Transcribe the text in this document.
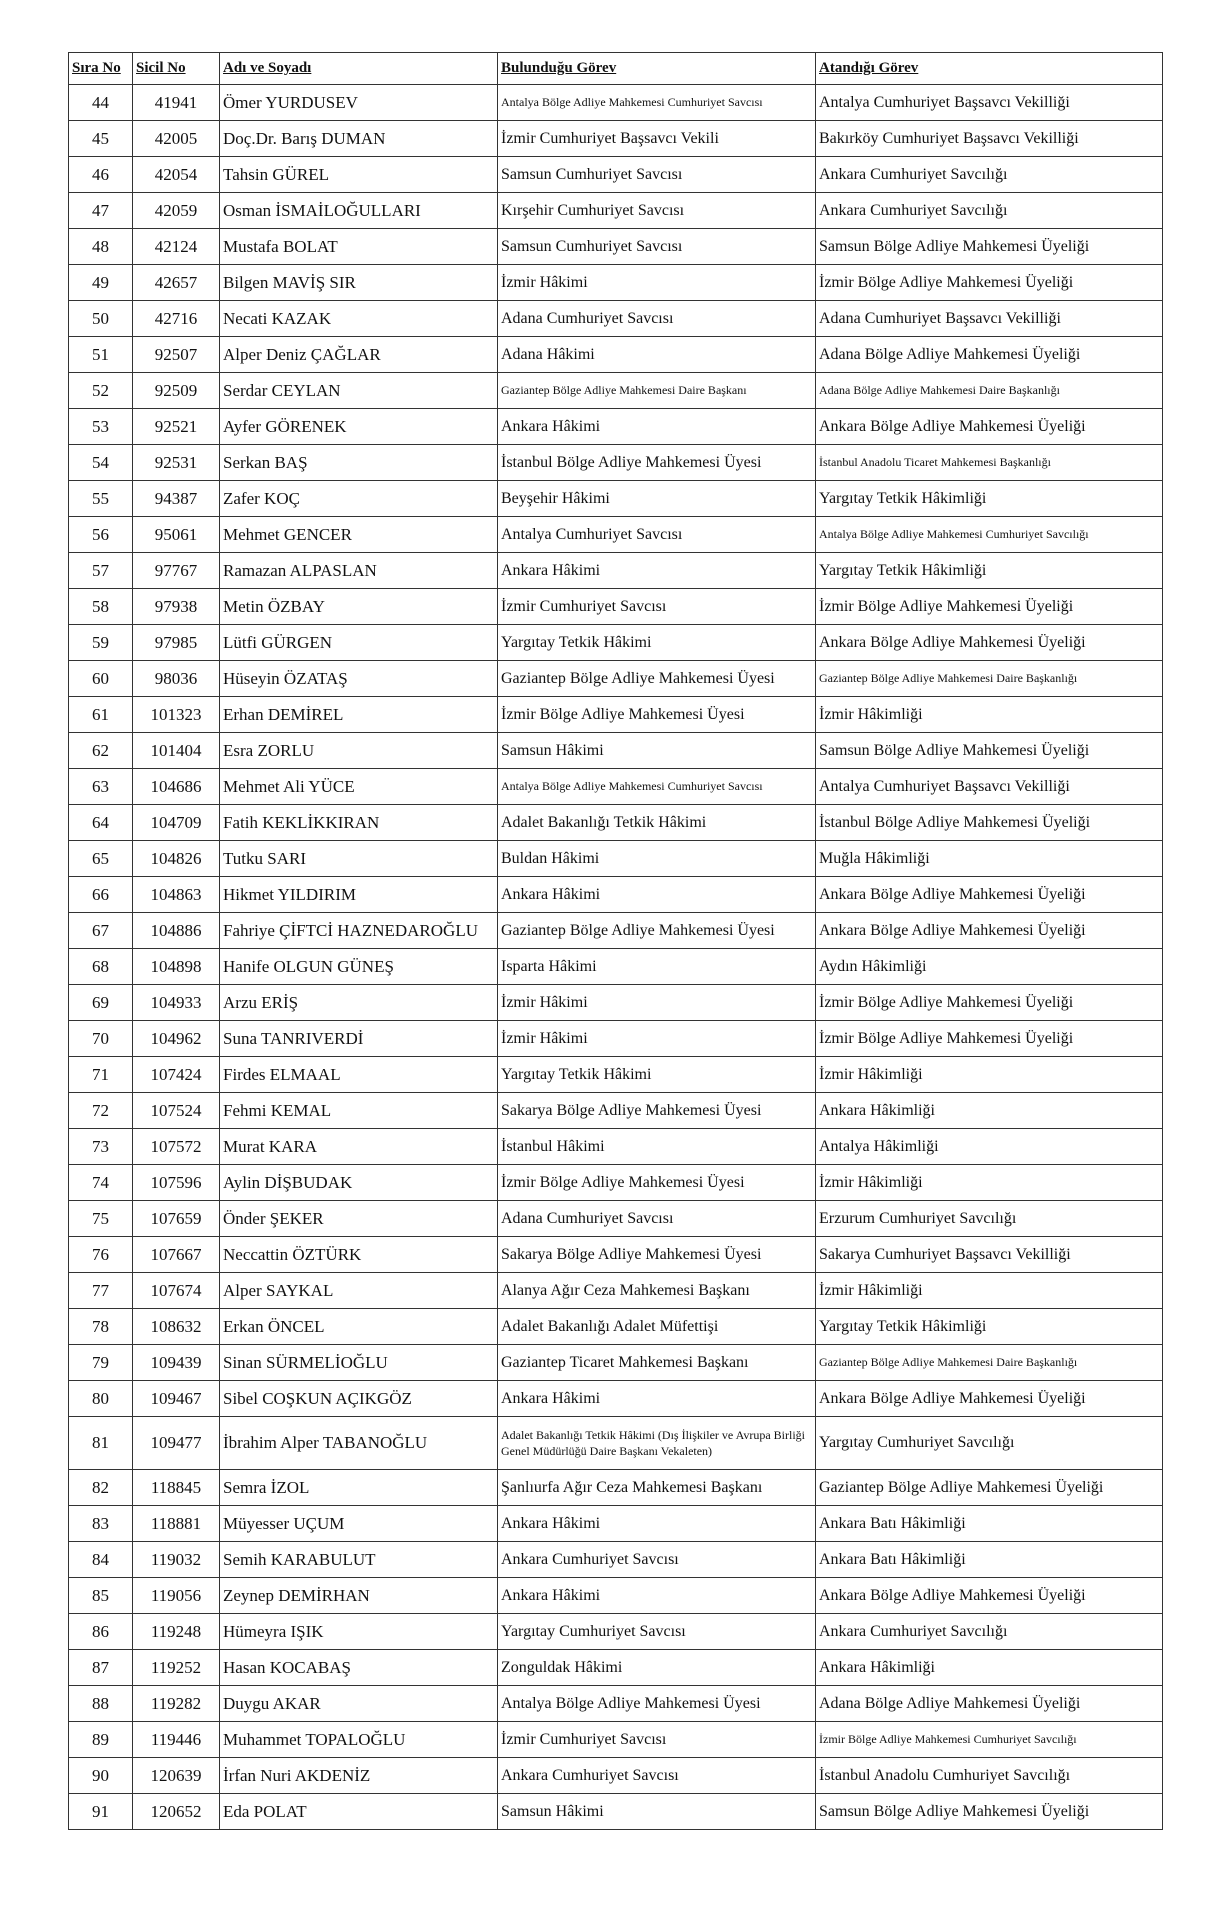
Sıra No	Sicil No	Adı ve Soyadı	Bulunduğu Görev	Atandığı Görev
44	41941	Ömer YURDUSEV	Antalya Bölge Adliye Mahkemesi Cumhuriyet Savcısı	Antalya Cumhuriyet Başsavcı Vekilliği
45	42005	Doç.Dr. Barış DUMAN	İzmir Cumhuriyet Başsavcı Vekili	Bakırköy Cumhuriyet Başsavcı Vekilliği
46	42054	Tahsin GÜREL	Samsun Cumhuriyet Savcısı	Ankara Cumhuriyet Savcılığı
47	42059	Osman İSMAİLOĞULLARI	Kırşehir Cumhuriyet Savcısı	Ankara Cumhuriyet Savcılığı
48	42124	Mustafa BOLAT	Samsun Cumhuriyet Savcısı	Samsun Bölge Adliye Mahkemesi Üyeliği
49	42657	Bilgen MAVİŞ SIR	İzmir Hâkimi	İzmir Bölge Adliye Mahkemesi Üyeliği
50	42716	Necati KAZAK	Adana Cumhuriyet Savcısı	Adana Cumhuriyet Başsavcı Vekilliği
51	92507	Alper Deniz ÇAĞLAR	Adana Hâkimi	Adana Bölge Adliye Mahkemesi Üyeliği
52	92509	Serdar CEYLAN	Gaziantep Bölge Adliye Mahkemesi Daire Başkanı	Adana Bölge Adliye Mahkemesi Daire Başkanlığı
53	92521	Ayfer GÖRENEK	Ankara Hâkimi	Ankara Bölge Adliye Mahkemesi Üyeliği
54	92531	Serkan BAŞ	İstanbul Bölge Adliye Mahkemesi Üyesi	İstanbul Anadolu Ticaret Mahkemesi Başkanlığı
55	94387	Zafer KOÇ	Beyşehir Hâkimi	Yargıtay Tetkik Hâkimliği
56	95061	Mehmet GENCER	Antalya Cumhuriyet Savcısı	Antalya Bölge Adliye Mahkemesi Cumhuriyet Savcılığı
57	97767	Ramazan ALPASLAN	Ankara Hâkimi	Yargıtay Tetkik Hâkimliği
58	97938	Metin ÖZBAY	İzmir Cumhuriyet Savcısı	İzmir Bölge Adliye Mahkemesi Üyeliği
59	97985	Lütfi GÜRGEN	Yargıtay Tetkik Hâkimi	Ankara Bölge Adliye Mahkemesi Üyeliği
60	98036	Hüseyin ÖZATAŞ	Gaziantep Bölge Adliye Mahkemesi Üyesi	Gaziantep Bölge Adliye Mahkemesi Daire Başkanlığı
61	101323	Erhan DEMİREL	İzmir Bölge Adliye Mahkemesi Üyesi	İzmir Hâkimliği
62	101404	Esra ZORLU	Samsun Hâkimi	Samsun Bölge Adliye Mahkemesi Üyeliği
63	104686	Mehmet Ali YÜCE	Antalya Bölge Adliye Mahkemesi Cumhuriyet Savcısı	Antalya Cumhuriyet Başsavcı Vekilliği
64	104709	Fatih KEKLİKKIRAN	Adalet Bakanlığı Tetkik Hâkimi	İstanbul Bölge Adliye Mahkemesi Üyeliği
65	104826	Tutku SARI	Buldan Hâkimi	Muğla Hâkimliği
66	104863	Hikmet YILDIRIM	Ankara Hâkimi	Ankara Bölge Adliye Mahkemesi Üyeliği
67	104886	Fahriye ÇİFTCİ HAZNEDAROĞLU	Gaziantep Bölge Adliye Mahkemesi Üyesi	Ankara Bölge Adliye Mahkemesi Üyeliği
68	104898	Hanife OLGUN GÜNEŞ	Isparta Hâkimi	Aydın Hâkimliği
69	104933	Arzu ERİŞ	İzmir Hâkimi	İzmir Bölge Adliye Mahkemesi Üyeliği
70	104962	Suna TANRIVERDİ	İzmir Hâkimi	İzmir Bölge Adliye Mahkemesi Üyeliği
71	107424	Firdes ELMAAL	Yargıtay Tetkik Hâkimi	İzmir Hâkimliği
72	107524	Fehmi KEMAL	Sakarya Bölge Adliye Mahkemesi Üyesi	Ankara Hâkimliği
73	107572	Murat KARA	İstanbul Hâkimi	Antalya Hâkimliği
74	107596	Aylin DİŞBUDAK	İzmir Bölge Adliye Mahkemesi Üyesi	İzmir Hâkimliği
75	107659	Önder ŞEKER	Adana Cumhuriyet Savcısı	Erzurum Cumhuriyet Savcılığı
76	107667	Neccattin ÖZTÜRK	Sakarya Bölge Adliye Mahkemesi Üyesi	Sakarya Cumhuriyet Başsavcı Vekilliği
77	107674	Alper SAYKAL	Alanya Ağır Ceza Mahkemesi Başkanı	İzmir Hâkimliği
78	108632	Erkan ÖNCEL	Adalet Bakanlığı Adalet Müfettişi	Yargıtay Tetkik Hâkimliği
79	109439	Sinan SÜRMELİOĞLU	Gaziantep Ticaret Mahkemesi Başkanı	Gaziantep Bölge Adliye Mahkemesi Daire Başkanlığı
80	109467	Sibel COŞKUN AÇIKGÖZ	Ankara Hâkimi	Ankara Bölge Adliye Mahkemesi Üyeliği
81	109477	İbrahim Alper TABANOĞLU	Adalet Bakanlığı Tetkik Hâkimi (Dış İlişkiler ve Avrupa Birliği Genel Müdürlüğü Daire Başkanı Vekaleten)	Yargıtay Cumhuriyet Savcılığı
82	118845	Semra İZOL	Şanlıurfa Ağır Ceza Mahkemesi Başkanı	Gaziantep Bölge Adliye Mahkemesi Üyeliği
83	118881	Müyesser UÇUM	Ankara Hâkimi	Ankara Batı Hâkimliği
84	119032	Semih KARABULUT	Ankara Cumhuriyet Savcısı	Ankara Batı Hâkimliği
85	119056	Zeynep DEMİRHAN	Ankara Hâkimi	Ankara Bölge Adliye Mahkemesi Üyeliği
86	119248	Hümeyra IŞIK	Yargıtay Cumhuriyet Savcısı	Ankara Cumhuriyet Savcılığı
87	119252	Hasan KOCABAŞ	Zonguldak Hâkimi	Ankara Hâkimliği
88	119282	Duygu AKAR	Antalya Bölge Adliye Mahkemesi Üyesi	Adana Bölge Adliye Mahkemesi Üyeliği
89	119446	Muhammet TOPALOĞLU	İzmir Cumhuriyet Savcısı	İzmir Bölge Adliye Mahkemesi Cumhuriyet Savcılığı
90	120639	İrfan Nuri AKDENİZ	Ankara Cumhuriyet Savcısı	İstanbul Anadolu Cumhuriyet Savcılığı
91	120652	Eda POLAT	Samsun Hâkimi	Samsun Bölge Adliye Mahkemesi Üyeliği
